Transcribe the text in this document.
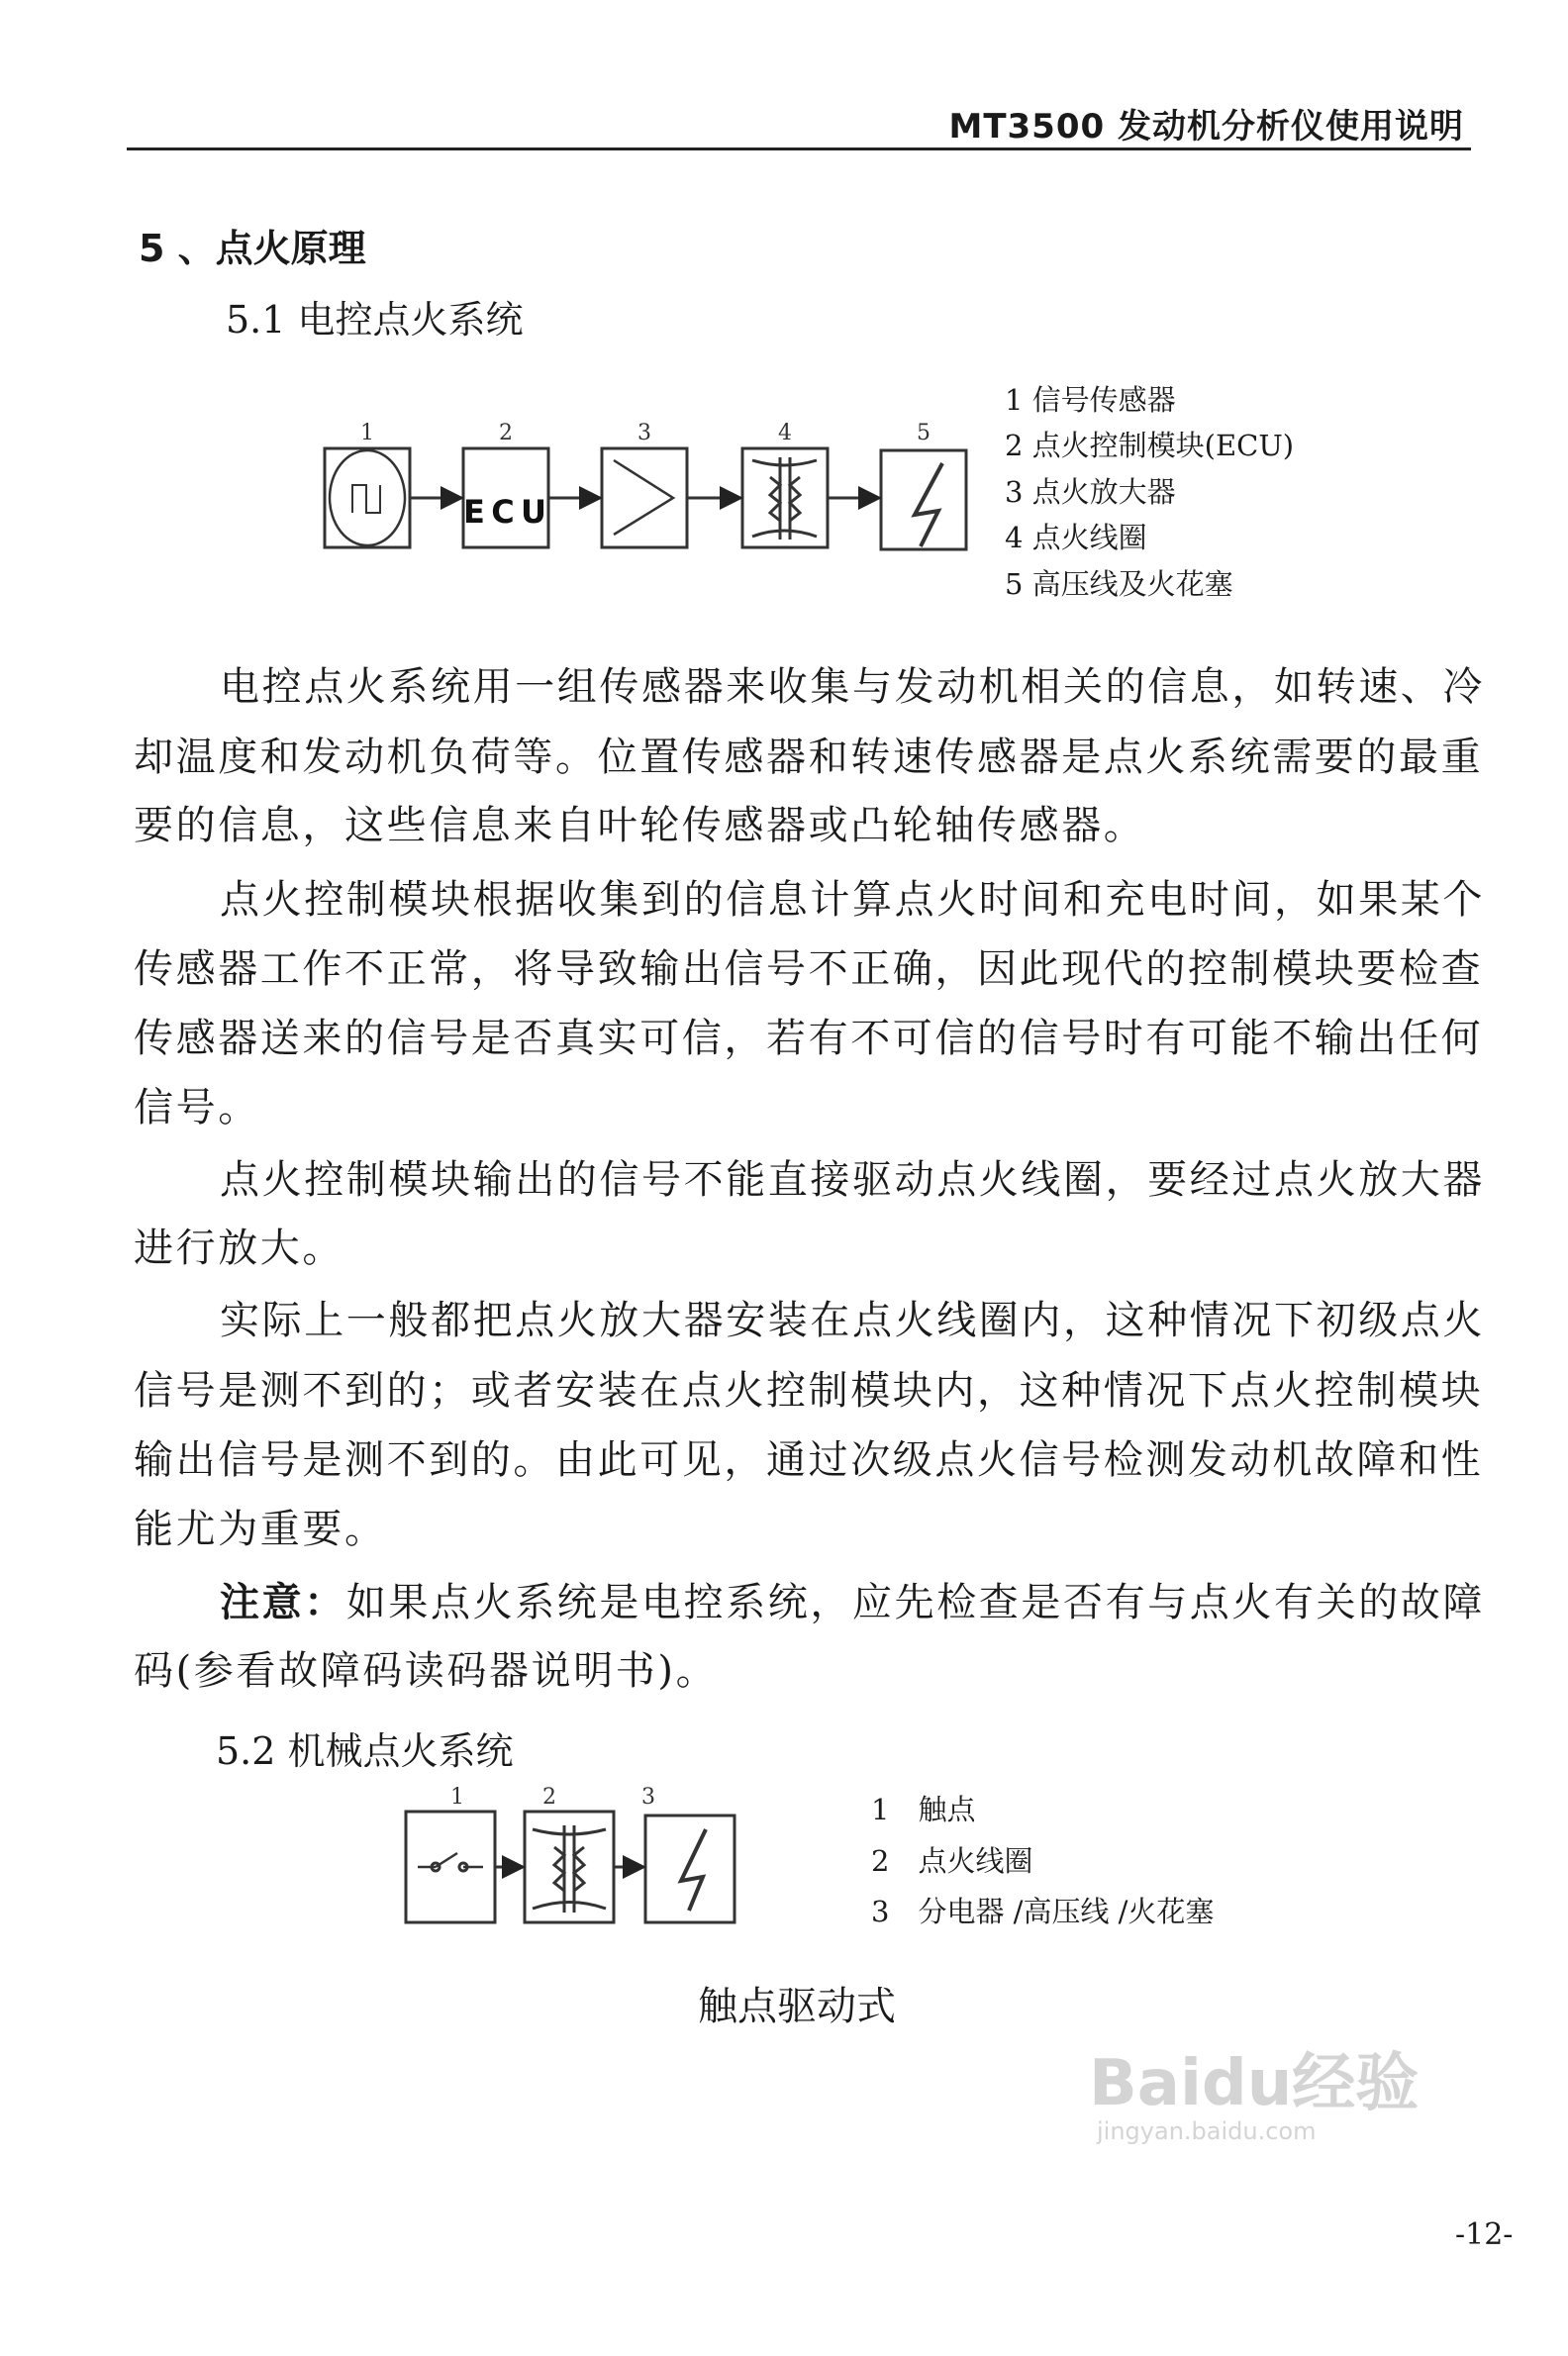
MT3500 发动机分析仪使用说明
5 、点火原理
5.1 电控点火系统
ECU
1	2	3	4	5
1 信号传感器
2 点火控制模块(ECU)
3 点火放大器
4 点火线圈
5 高压线及火花塞
电控点火系统用一组传感器来收集与发动机相关的信息，如转速、冷
却温度和发动机负荷等。位置传感器和转速传感器是点火系统需要的最重
要的信息，这些信息来自叶轮传感器或凸轮轴传感器。
点火控制模块根据收集到的信息计算点火时间和充电时间，如果某个
传感器工作不正常，将导致输出信号不正确，因此现代的控制模块要检查
传感器送来的信号是否真实可信，若有不可信的信号时有可能不输出任何
信号。
点火控制模块输出的信号不能直接驱动点火线圈，要经过点火放大器
进行放大。
实际上一般都把点火放大器安装在点火线圈内，这种情况下初级点火
信号是测不到的；或者安装在点火控制模块内，这种情况下点火控制模块
输出信号是测不到的。由此可见，通过次级点火信号检测发动机故障和性
能尤为重要。
注意：如果点火系统是电控系统，应先检查是否有与点火有关的故障
码(参看故障码读码器说明书)。
5.2 机械点火系统
1	2	3	1　触点
2　点火线圈
3　分电器 /高压线 /火花塞
触点驱动式
Baidu经验
jingyan.baidu.com
-12-
